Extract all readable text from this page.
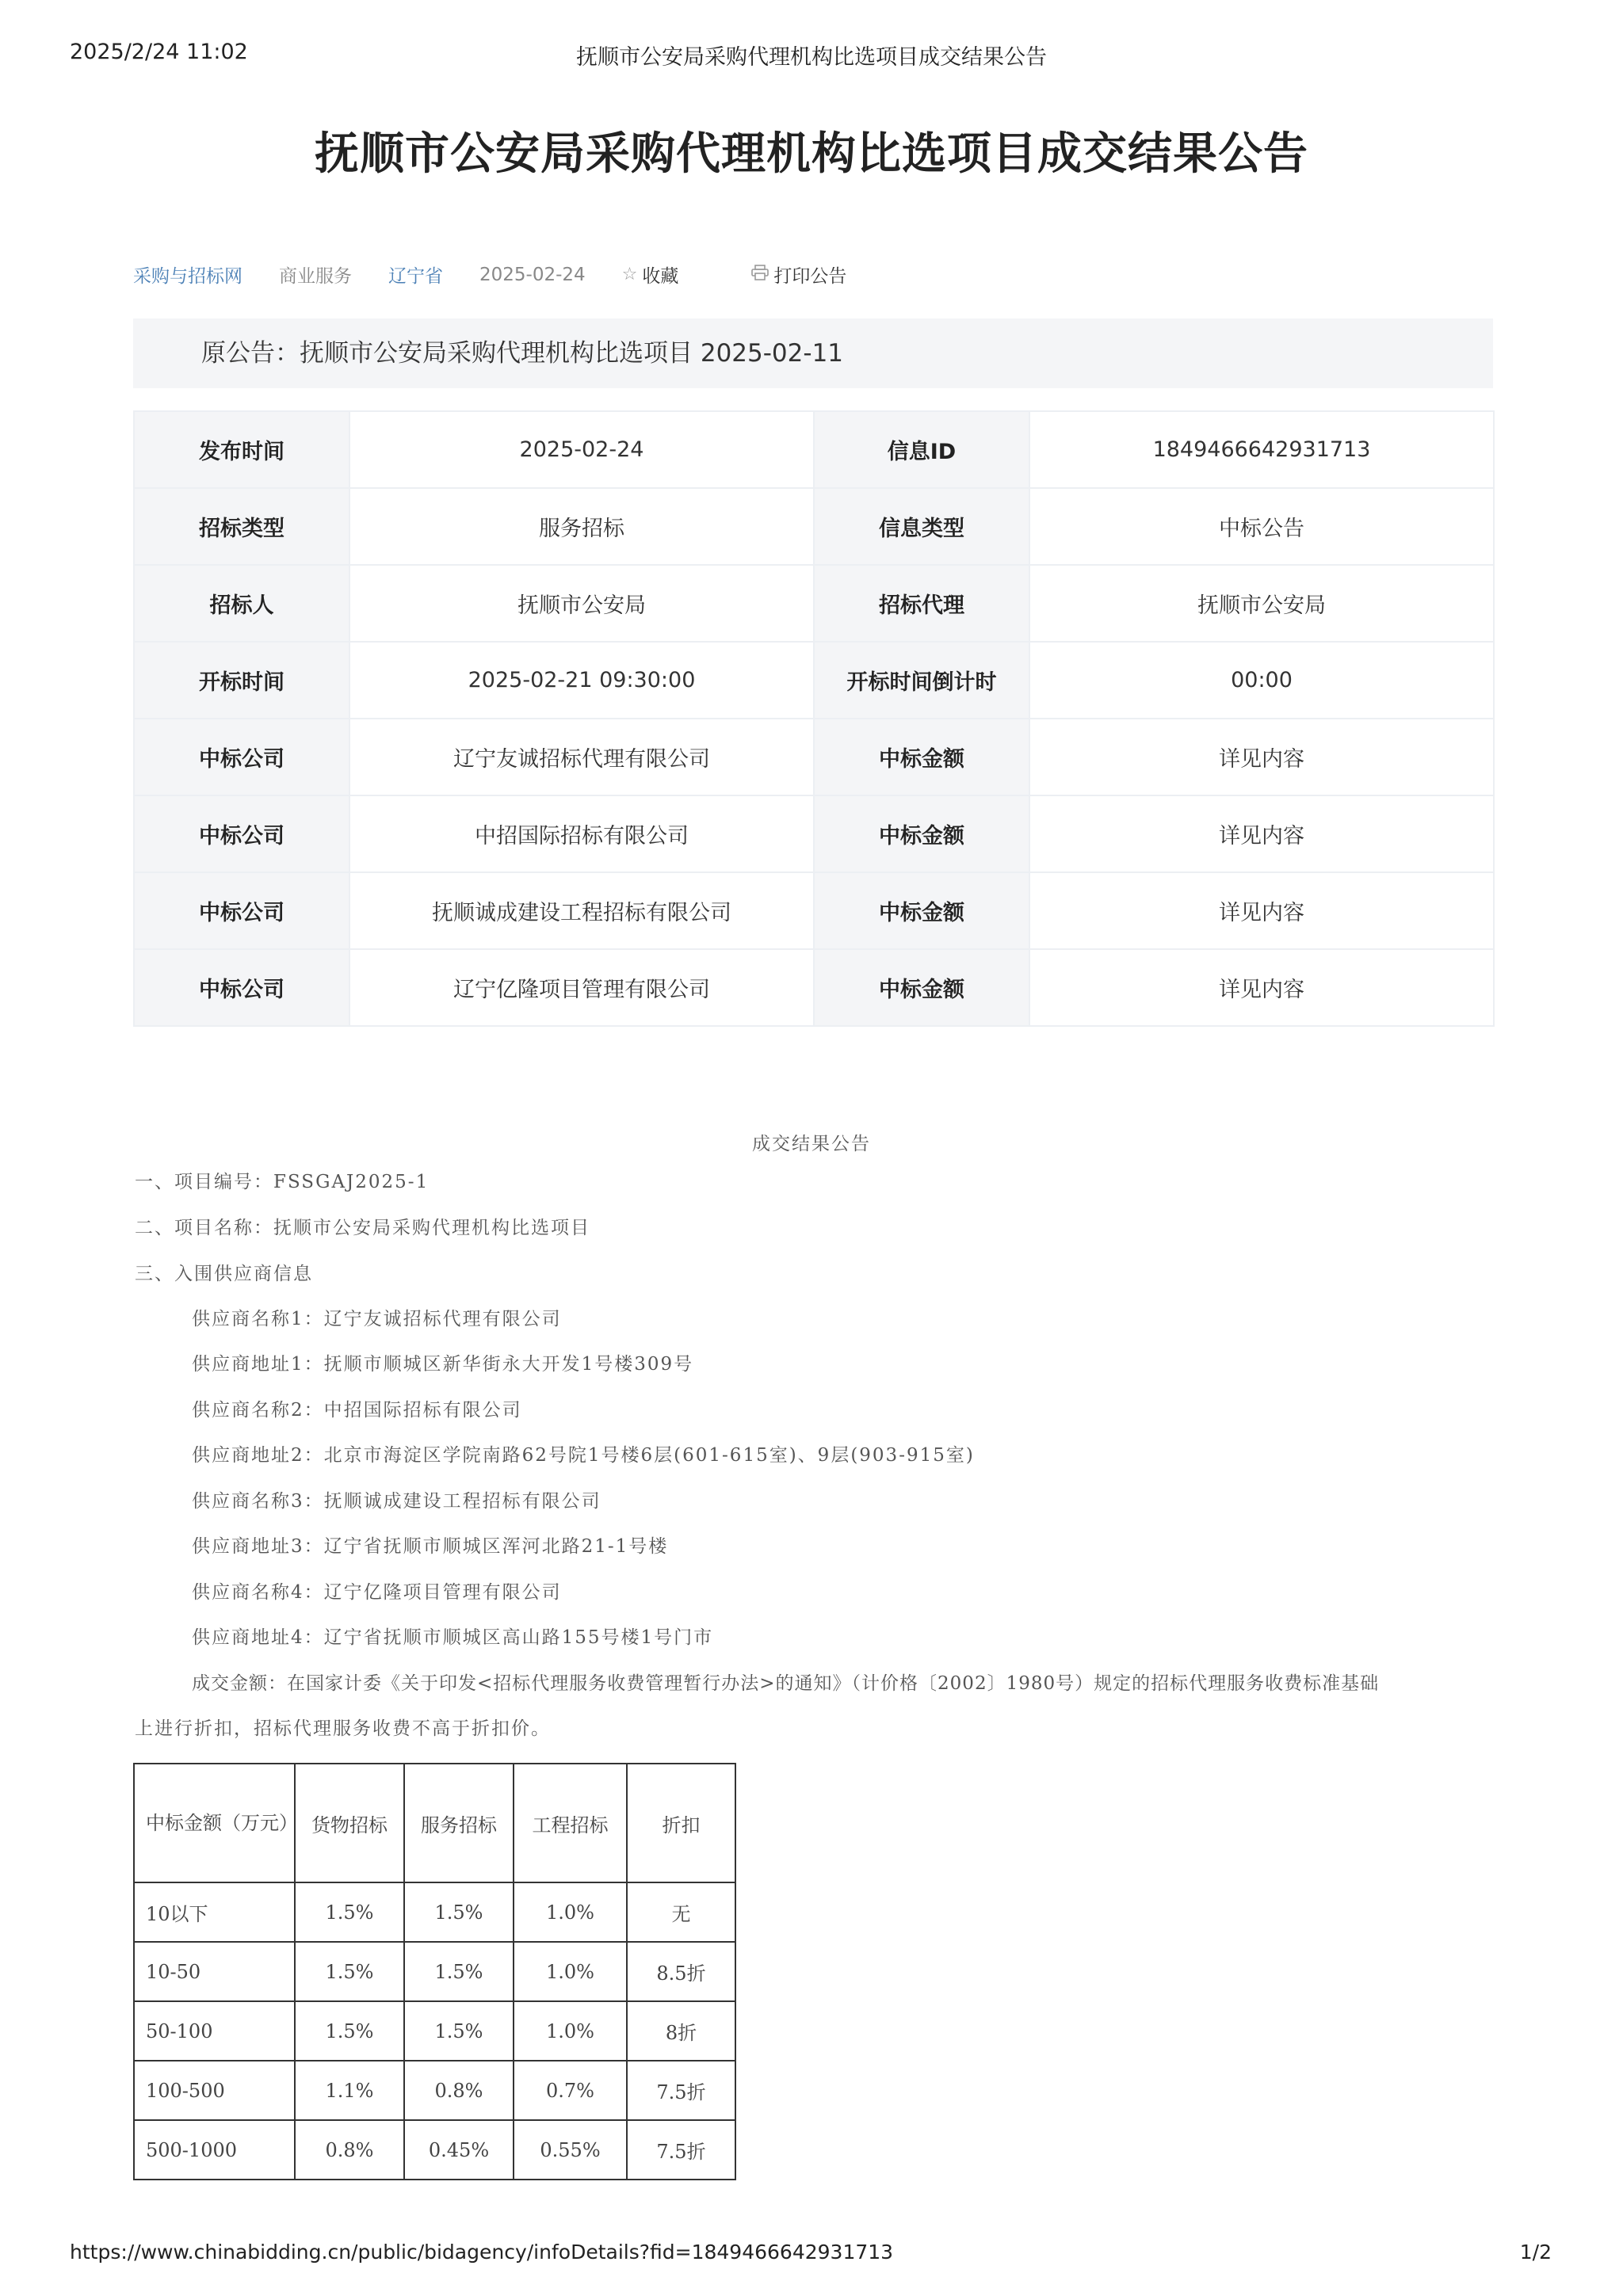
2025/2/24 11:02	抚顺市公安局采购代理机构比选项目成交结果公告
抚顺市公安局采购代理机构比选项目成交结果公告
采购与招标网 商业服务 辽宁省 2025-02-24 ☆ 收藏	打印公告
原公告：抚顺市公安局采购代理机构比选项目 2025-02-11
发布时间	2025-02-24	信息ID	1849466642931713
招标类型	服务招标	信息类型	中标公告
招标人	抚顺市公安局	招标代理	抚顺市公安局
开标时间	2025-02-21 09:30:00	开标时间倒计时	00:00
中标公司	辽宁友诚招标代理有限公司	中标金额	详见内容
中标公司	中招国际招标有限公司	中标金额	详见内容
中标公司	抚顺诚成建设工程招标有限公司	中标金额	详见内容
中标公司	辽宁亿隆项目管理有限公司	中标金额	详见内容
成交结果公告
一、项目编号：FSSGAJ2025-1
二、项目名称：抚顺市公安局采购代理机构比选项目
三、入围供应商信息
供应商名称1：辽宁友诚招标代理有限公司
供应商地址1：抚顺市顺城区新华街永大开发1号楼309号
供应商名称2：中招国际招标有限公司
供应商地址2：北京市海淀区学院南路62号院1号楼6层(601-615室)、9层(903-915室)
供应商名称3：抚顺诚成建设工程招标有限公司
供应商地址3：辽宁省抚顺市顺城区浑河北路21-1号楼
供应商名称4：辽宁亿隆项目管理有限公司
供应商地址4：辽宁省抚顺市顺城区高山路155号楼1号门市
成交金额：在国家计委《关于印发<招标代理服务收费管理暂行办法>的通知》（计价格〔2002〕1980号）规定的招标代理服务收费标准基础
上进行折扣，招标代理服务收费不高于折扣价。
中标金额（万元）	货物招标	服务招标	工程招标	折扣
10以下	1.5%	1.5%	1.0%	无
10-50	1.5%	1.5%	1.0%	8.5折
50-100	1.5%	1.5%	1.0%	8折
100-500	1.1%	0.8%	0.7%	7.5折
500-1000	0.8%	0.45%	0.55%	7.5折
https://www.chinabidding.cn/public/bidagency/infoDetails?fid=1849466642931713	1/2
